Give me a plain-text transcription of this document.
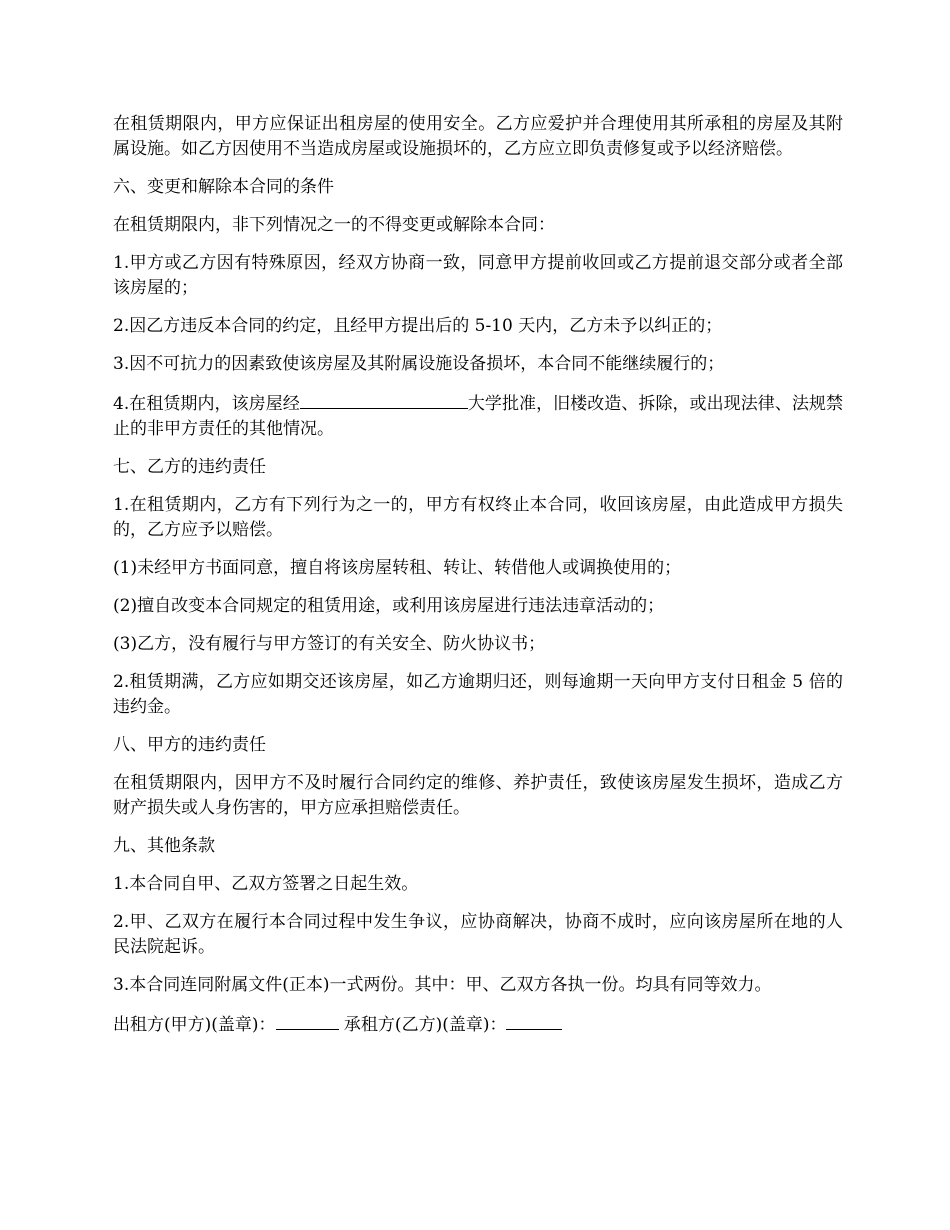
在租赁期限内，甲方应保证出租房屋的使用安全。乙方应爱护并合理使用其所承租的房屋及其附属设施。如乙方因使用不当造成房屋或设施损坏的，乙方应立即负责修复或予以经济赔偿。

六、变更和解除本合同的条件

在租赁期限内，非下列情况之一的不得变更或解除本合同：

1.甲方或乙方因有特殊原因，经双方协商一致，同意甲方提前收回或乙方提前退交部分或者全部该房屋的；

2.因乙方违反本合同的约定，且经甲方提出后的 5-10 天内，乙方未予以纠正的；

3.因不可抗力的因素致使该房屋及其附属设施设备损坏，本合同不能继续履行的；

4.在租赁期内，该房屋经	大学批准，旧楼改造、拆除，或出现法律、法规禁止的非甲方责任的其他情况。

七、乙方的违约责任

1.在租赁期内，乙方有下列行为之一的，甲方有权终止本合同，收回该房屋，由此造成甲方损失的，乙方应予以赔偿。

(1)未经甲方书面同意，擅自将该房屋转租、转让、转借他人或调换使用的；

(2)擅自改变本合同规定的租赁用途，或利用该房屋进行违法违章活动的；

(3)乙方，没有履行与甲方签订的有关安全、防火协议书；

2.租赁期满，乙方应如期交还该房屋，如乙方逾期归还，则每逾期一天向甲方支付日租金 5 倍的违约金。

八、甲方的违约责任

在租赁期限内，因甲方不及时履行合同约定的维修、养护责任，致使该房屋发生损坏，造成乙方财产损失或人身伤害的，甲方应承担赔偿责任。

九、其他条款

1.本合同自甲、乙双方签署之日起生效。

2.甲、乙双方在履行本合同过程中发生争议，应协商解决，协商不成时，应向该房屋所在地的人民法院起诉。

3.本合同连同附属文件(正本)一式两份。其中：甲、乙双方各执一份。均具有同等效力。

出租方(甲方)(盖章)：	承租方(乙方)(盖章)：
